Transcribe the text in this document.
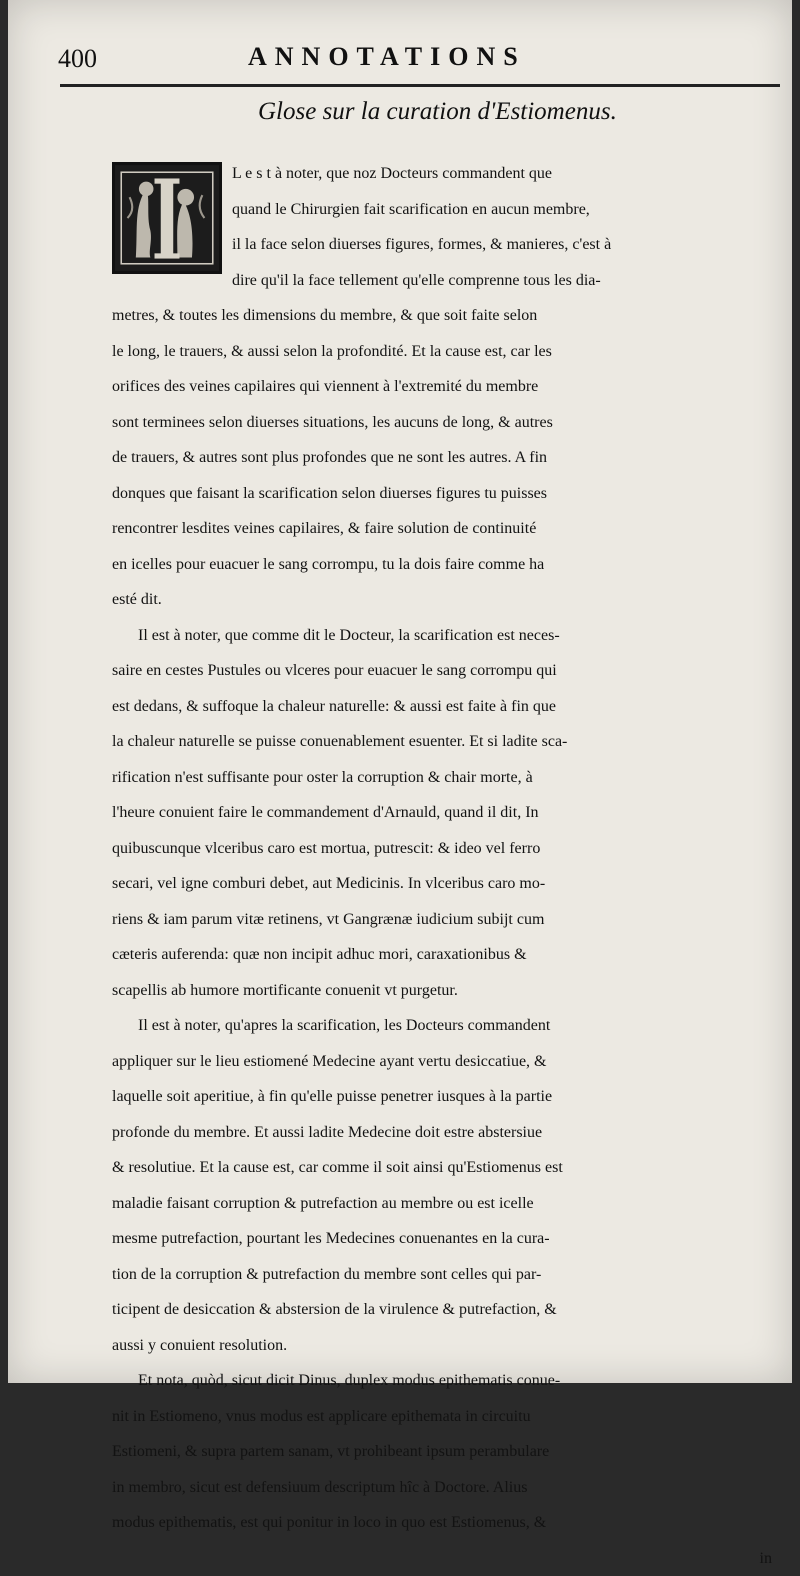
400	ANNOTATIONS
Glose sur la curation d'Estiomenus.
L e s t à noter, que noz Docteurs commandent que
quand le Chirurgien fait scarification en aucun membre,
il la face selon diuerses figures, formes, & manieres, c'est à
dire qu'il la face tellement qu'elle comprenne tous les dia-
metres, & toutes les dimensions du membre, & que soit faite selon
le long, le trauers, & aussi selon la profondité. Et la cause est, car les
orifices des veines capilaires qui viennent à l'extremité du membre
sont terminees selon diuerses situations, les aucuns de long, & autres
de trauers, & autres sont plus profondes que ne sont les autres. A fin
donques que faisant la scarification selon diuerses figures tu puisses
rencontrer lesdites veines capilaires, & faire solution de continuité
en icelles pour euacuer le sang corrompu, tu la dois faire comme ha
esté dit.
Il est à noter, que comme dit le Docteur, la scarification est neces-
saire en cestes Pustules ou vlceres pour euacuer le sang corrompu qui
est dedans, & suffoque la chaleur naturelle: & aussi est faite à fin que
la chaleur naturelle se puisse conuenablement esuenter. Et si ladite sca-
rification n'est suffisante pour oster la corruption & chair morte, à
l'heure conuient faire le commandement d'Arnauld, quand il dit, In
quibuscunque vlceribus caro est mortua, putrescit: & ideo vel ferro
secari, vel igne comburi debet, aut Medicinis. In vlceribus caro mo-
riens & iam parum vitæ retinens, vt Gangrænæ iudicium subijt cum
cæteris auferenda: quæ non incipit adhuc mori, caraxationibus &
scapellis ab humore mortificante conuenit vt purgetur.
Il est à noter, qu'apres la scarification, les Docteurs commandent
appliquer sur le lieu estiomené Medecine ayant vertu desiccatiue, &
laquelle soit aperitiue, à fin qu'elle puisse penetrer iusques à la partie
profonde du membre. Et aussi ladite Medecine doit estre abstersiue
& resolutiue. Et la cause est, car comme il soit ainsi qu'Estiomenus est
maladie faisant corruption & putrefaction au membre ou est icelle
mesme putrefaction, pourtant les Medecines conuenantes en la cura-
tion de la corruption & putrefaction du membre sont celles qui par-
ticipent de desiccation & abstersion de la virulence & putrefaction, &
aussi y conuient resolution.
Et nota, quòd, sicut dicit Dinus, duplex modus epithematis conue-
nit in Estiomeno, vnus modus est applicare epithemata in circuitu
Estiomeni, & supra partem sanam, vt prohibeant ipsum perambulare
in membro, sicut est defensiuum descriptum hîc à Doctore. Alius
modus epithematis, est qui ponitur in loco in quo est Estiomenus, &
in
